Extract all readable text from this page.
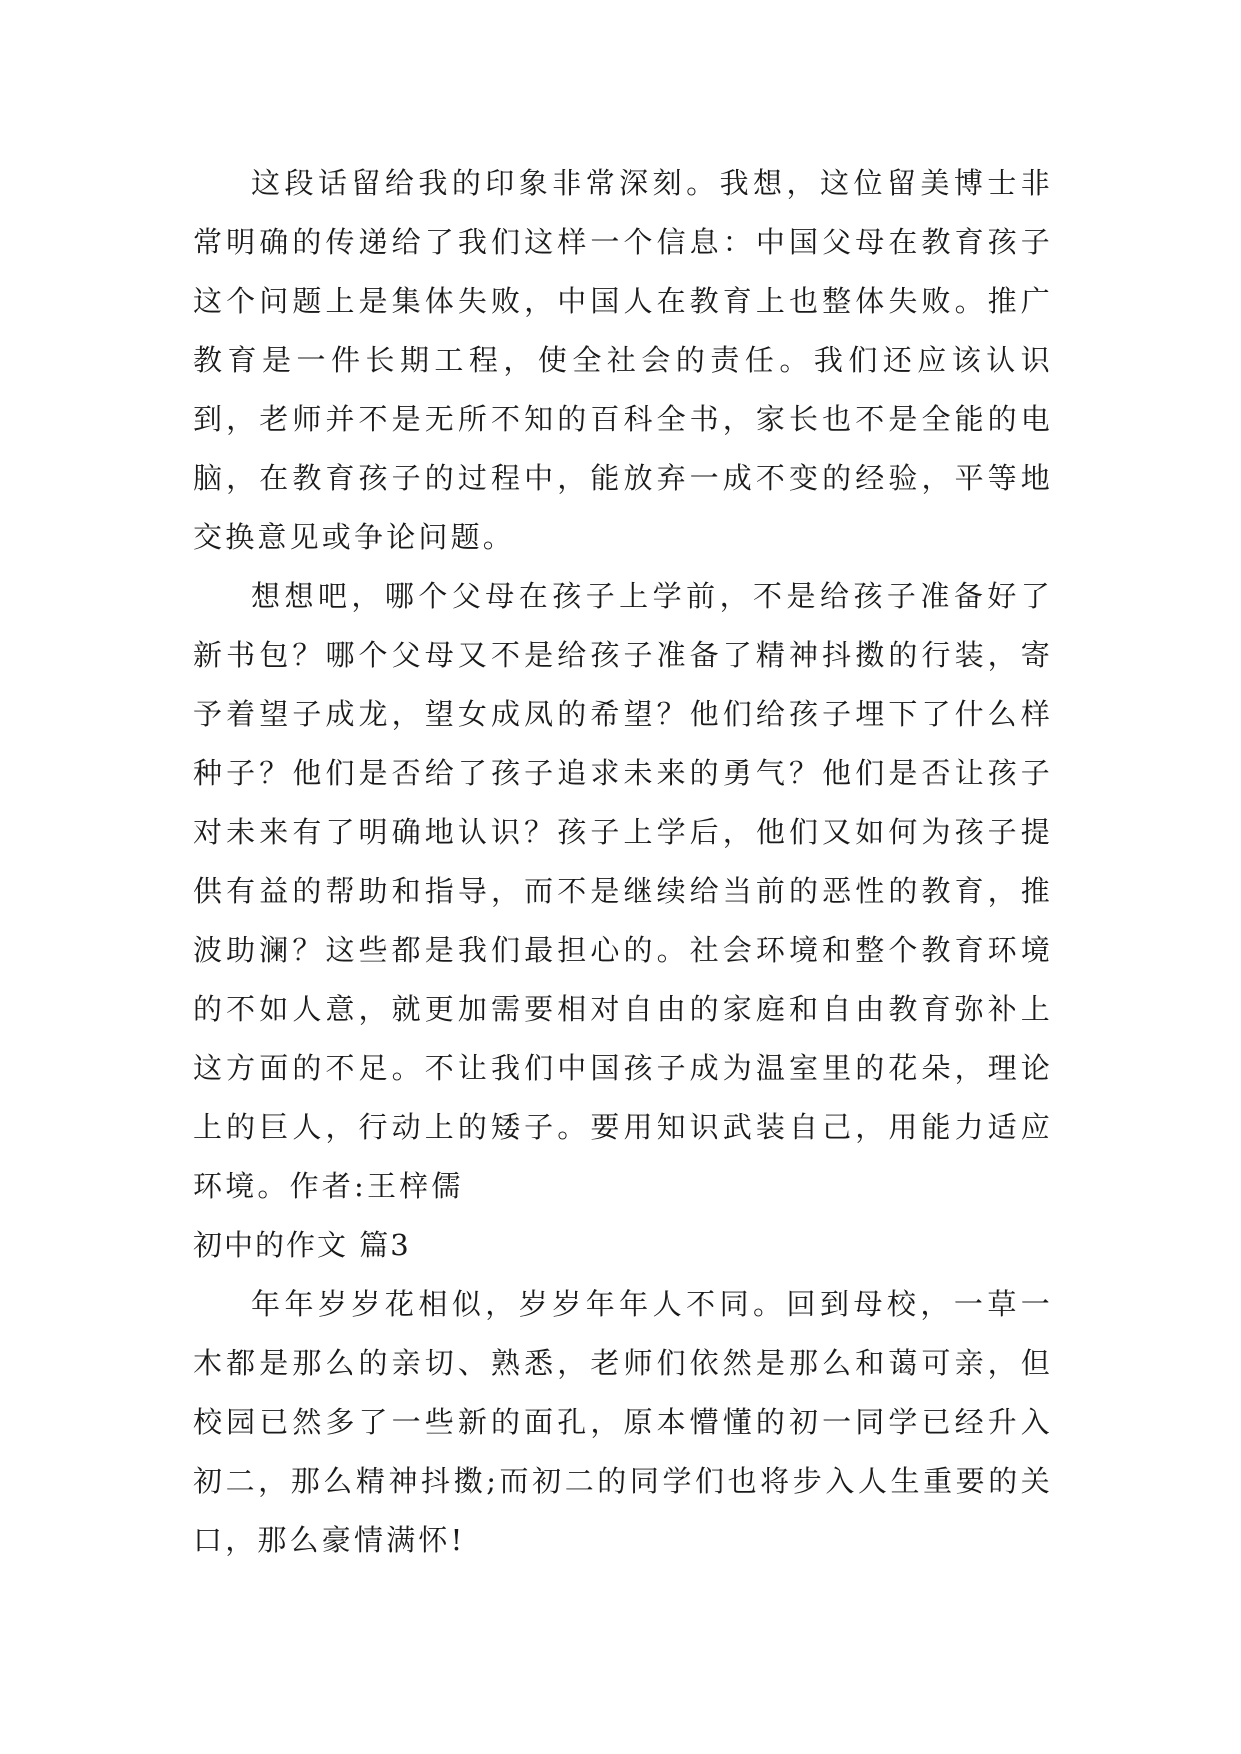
这段话留给我的印象非常深刻。我想，这位留美博士非常明确的传递给了我们这样一个信息：中国父母在教育孩子这个问题上是集体失败，中国人在教育上也整体失败。推广教育是一件长期工程，使全社会的责任。我们还应该认识到，老师并不是无所不知的百科全书，家长也不是全能的电脑，在教育孩子的过程中，能放弃一成不变的经验，平等地交换意见或争论问题。

想想吧，哪个父母在孩子上学前，不是给孩子准备好了新书包？哪个父母又不是给孩子准备了精神抖擞的行装，寄予着望子成龙，望女成凤的希望？他们给孩子埋下了什么样种子？他们是否给了孩子追求未来的勇气？他们是否让孩子对未来有了明确地认识？孩子上学后，他们又如何为孩子提供有益的帮助和指导，而不是继续给当前的恶性的教育，推波助澜？这些都是我们最担心的。社会环境和整个教育环境的不如人意，就更加需要相对自由的家庭和自由教育弥补上这方面的不足。不让我们中国孩子成为温室里的花朵，理论上的巨人，行动上的矮子。要用知识武装自己，用能力适应环境。作者:王梓儒

初中的作文 篇3

年年岁岁花相似，岁岁年年人不同。回到母校，一草一木都是那么的亲切、熟悉，老师们依然是那么和蔼可亲，但校园已然多了一些新的面孔，原本懵懂的初一同学已经升入初二，那么精神抖擞;而初二的同学们也将步入人生重要的关口，那么豪情满怀!
